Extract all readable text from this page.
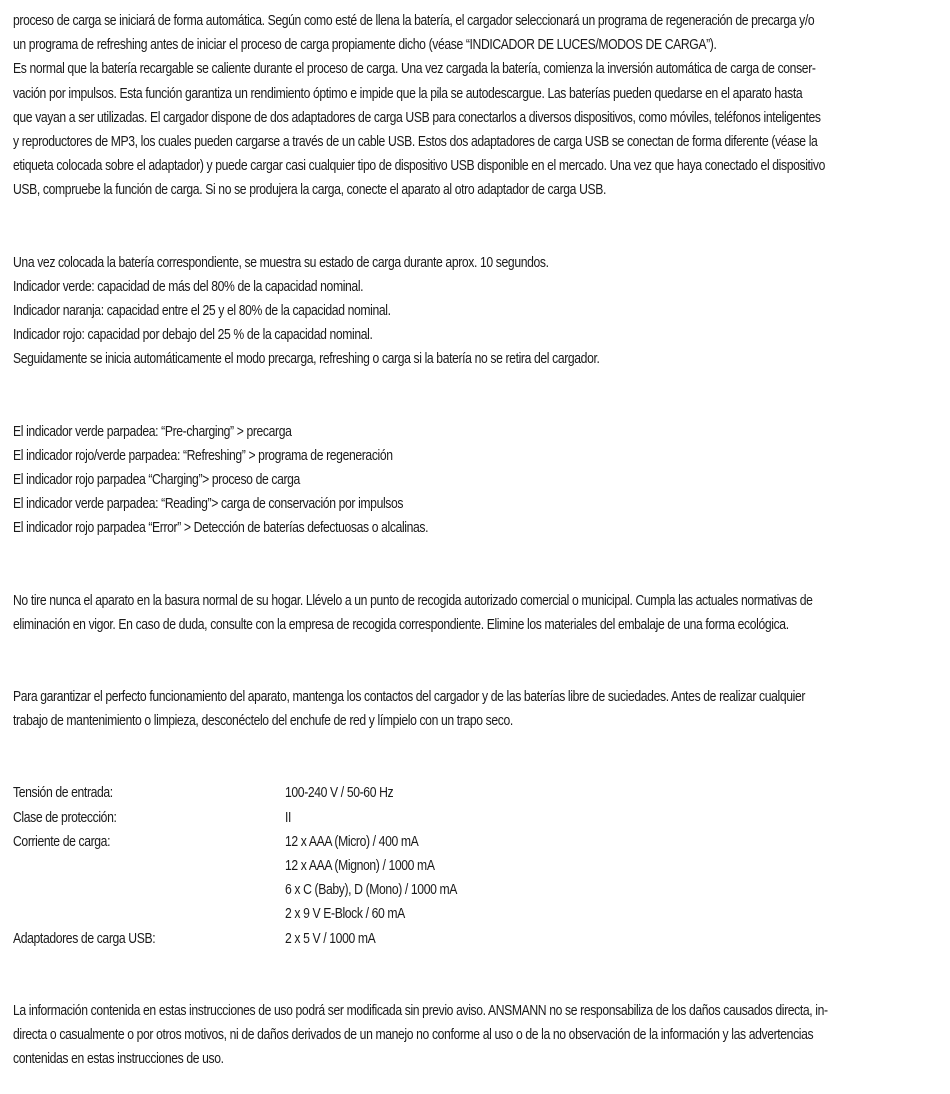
proceso de carga se iniciará de forma automática. Según como esté de llena la batería, el cargador seleccionará un programa de regeneración de precarga y/o
un programa de refreshing antes de iniciar el proceso de carga propiamente dicho (véase “INDICADOR DE LUCES/MODOS DE CARGA”).
Es normal que la batería recargable se caliente durante el proceso de carga. Una vez cargada la batería, comienza la inversión automática de carga de conser-
vación por impulsos. Esta función garantiza un rendimiento óptimo e impide que la pila se autodescargue. Las baterías pueden quedarse en el aparato hasta
que vayan a ser utilizadas. El cargador dispone de dos adaptadores de carga USB para conectarlos a diversos dispositivos, como móviles, teléfonos inteligentes
y reproductores de MP3, los cuales pueden cargarse a través de un cable USB. Estos dos adaptadores de carga USB se conectan de forma diferente (véase la
etiqueta colocada sobre el adaptador) y puede cargar casi cualquier tipo de dispositivo USB disponible en el mercado. Una vez que haya conectado el dispositivo
USB, compruebe la función de carga. Si no se produjera la carga, conecte el aparato al otro adaptador de carga USB.
Una vez colocada la batería correspondiente, se muestra su estado de carga durante aprox. 10 segundos.
Indicador verde: capacidad de más del 80% de la capacidad nominal.
Indicador naranja: capacidad entre el 25 y el 80% de la capacidad nominal.
Indicador rojo: capacidad por debajo del 25 % de la capacidad nominal.
Seguidamente se inicia automáticamente el modo precarga, refreshing o carga si la batería no se retira del cargador.
El indicador verde parpadea: “Pre-charging” > precarga
El indicador rojo/verde parpadea: “Refreshing” > programa de regeneración
El indicador rojo parpadea “Charging”> proceso de carga
El indicador verde parpadea: “Reading”> carga de conservación por impulsos
El indicador rojo parpadea “Error” > Detección de baterías defectuosas o alcalinas.
No tire nunca el aparato en la basura normal de su hogar. Llévelo a un punto de recogida autorizado comercial o municipal. Cumpla las actuales normativas de
eliminación en vigor. En caso de duda, consulte con la empresa de recogida correspondiente. Elimine los materiales del embalaje de una forma ecológica.
Para garantizar el perfecto funcionamiento del aparato, mantenga los contactos del cargador y de las baterías libre de suciedades. Antes de realizar cualquier
trabajo de mantenimiento o limpieza, desconéctelo del enchufe de red y límpielo con un trapo seco.
Tensión de entrada:	100-240 V / 50-60 Hz
Clase de protección:	II
Corriente de carga:	12 x AAA (Micro) / 400 mA
12 x AAA (Mignon) / 1000 mA
6 x C (Baby), D (Mono) / 1000 mA
2 x 9 V E-Block / 60 mA
Adaptadores de carga USB:	2 x 5 V / 1000 mA
La información contenida en estas instrucciones de uso podrá ser modificada sin previo aviso. ANSMANN no se responsabiliza de los daños causados directa, in-
directa o casualmente o por otros motivos, ni de daños derivados de un manejo no conforme al uso o de la no observación de la información y las advertencias
contenidas en estas instrucciones de uso.
